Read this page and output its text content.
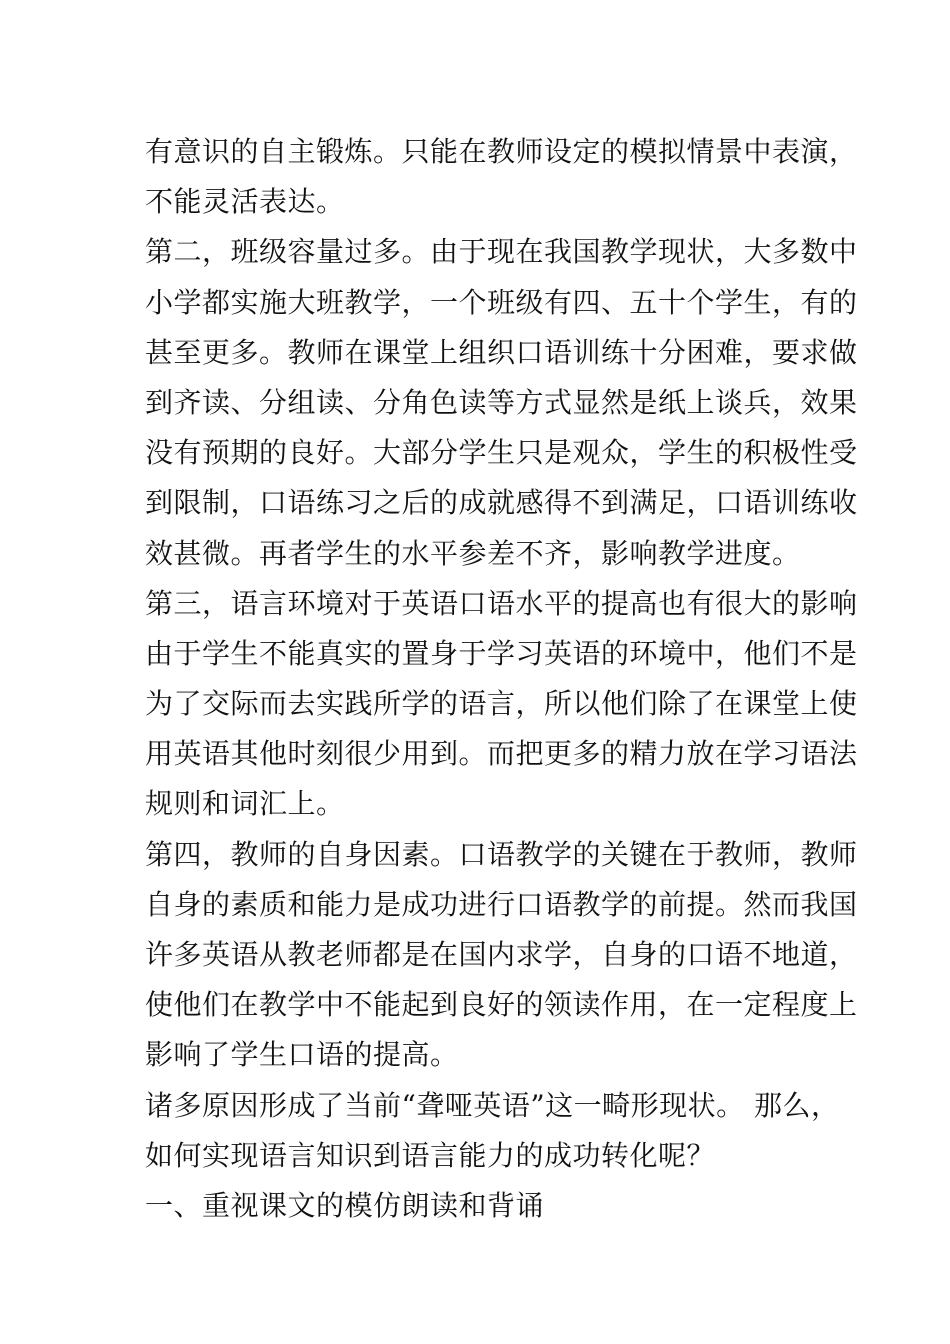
有意识的自主锻炼。只能在教师设定的模拟情景中表演，
不能灵活表达。
第二，班级容量过多。由于现在我国教学现状，大多数中
小学都实施大班教学，一个班级有四、五十个学生，有的
甚至更多。教师在课堂上组织口语训练十分困难，要求做
到齐读、分组读、分角色读等方式显然是纸上谈兵，效果
没有预期的良好。大部分学生只是观众，学生的积极性受
到限制，口语练习之后的成就感得不到满足，口语训练收
效甚微。再者学生的水平参差不齐，影响教学进度。
第三，语言环境对于英语口语水平的提高也有很大的影响
由于学生不能真实的置身于学习英语的环境中，他们不是
为了交际而去实践所学的语言，所以他们除了在课堂上使
用英语其他时刻很少用到。而把更多的精力放在学习语法
规则和词汇上。
第四，教师的自身因素。口语教学的关键在于教师，教师
自身的素质和能力是成功进行口语教学的前提。然而我国
许多英语从教老师都是在国内求学，自身的口语不地道，
使他们在教学中不能起到良好的领读作用，在一定程度上
影响了学生口语的提高。
诸多原因形成了当前“聋哑英语”这一畸形现状。 那么，
如何实现语言知识到语言能力的成功转化呢？
一、重视课文的模仿朗读和背诵
